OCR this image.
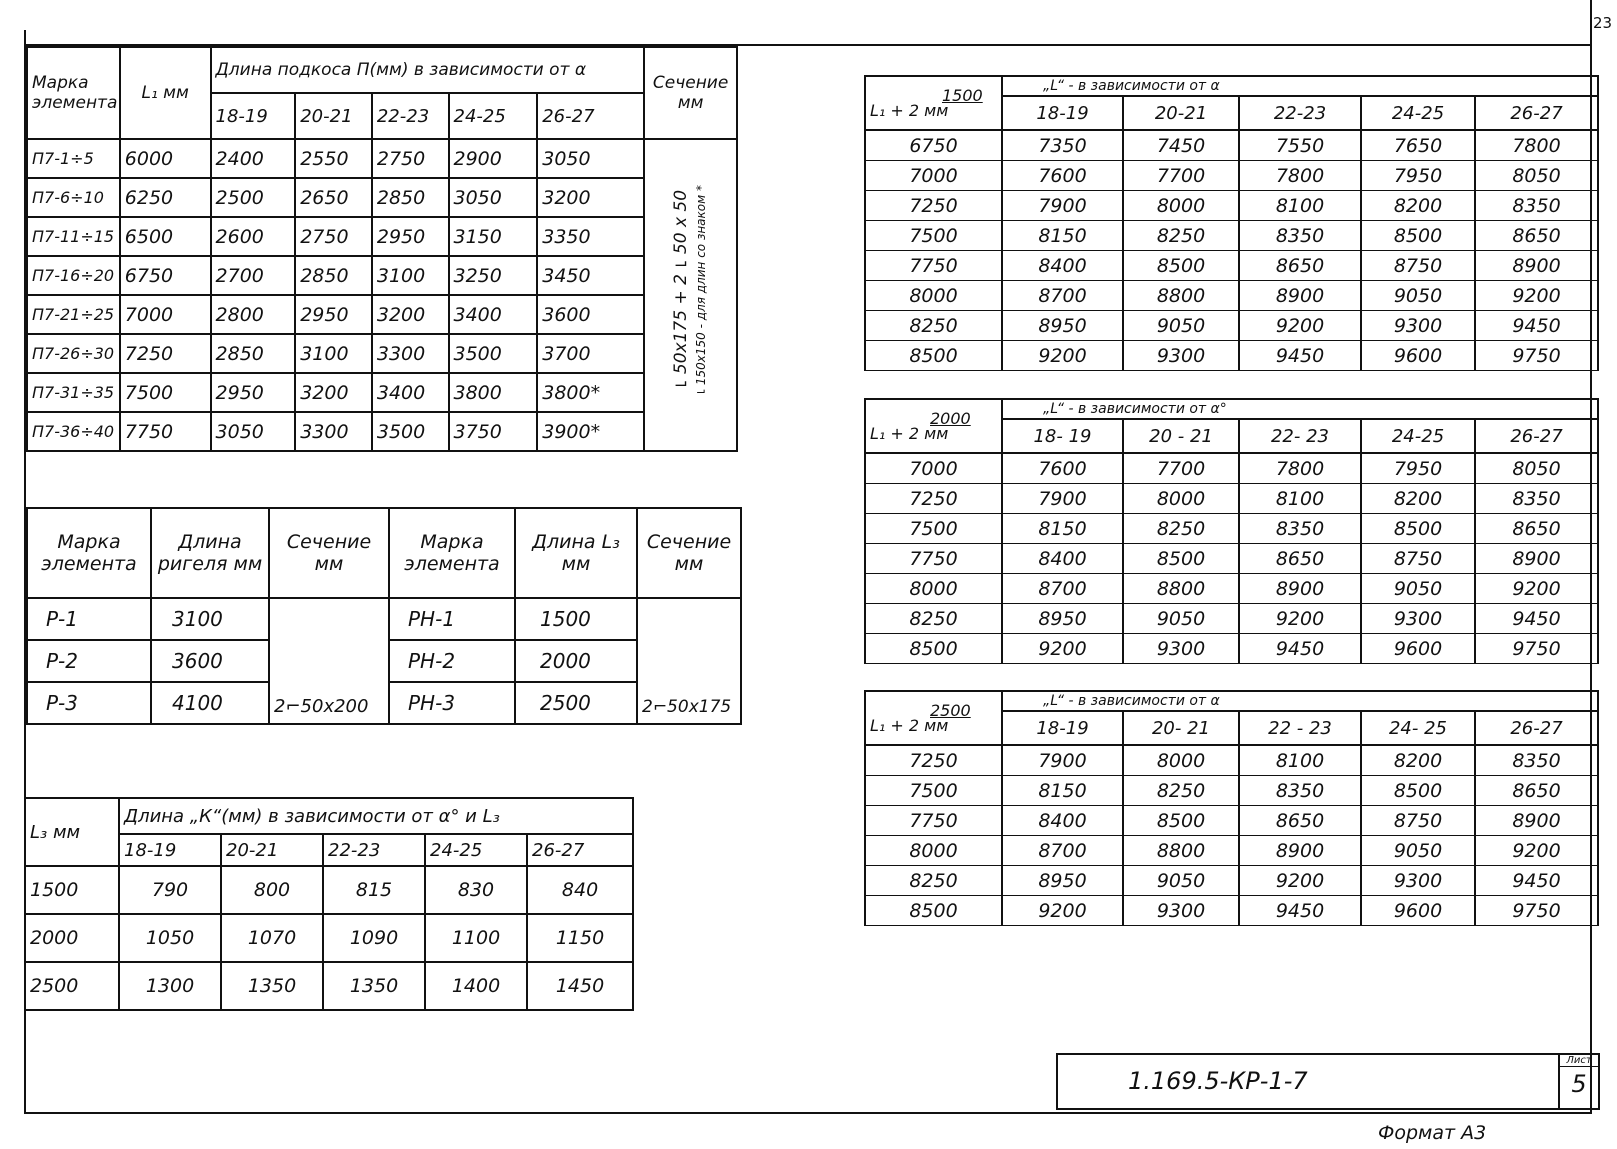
23
Марка элемента	L₁ мм	Длина подкоса П(мм) в зависимости от α					Сечение мм
		18-19	20-21	22-23	24-25	26-27	
П7-1÷5	6000	2400	2550	2750	2900	3050	⌐50x175 + 2⌐50 x 50 ⌐150x150 - для длин со знаком *

П7-6÷10	6250	2500	2650	2850	3050	3200	
П7-11÷15	6500	2600	2750	2950	3150	3350	
П7-16÷20	6750	2700	2850	3100	3250	3450	
П7-21÷25	7000	2800	2950	3200	3400	3600	
П7-26÷30	7250	2850	3100	3300	3500	3700	
П7-31÷35	7500	2950	3200	3400	3800	3800*	
П7-36÷40	7750	3050	3300	3500	3750	3900*	
Марка элемента	Длина ригеля мм	Сечение мм	Марка элемента	Длина L₃ мм	Сечение мм
Р-1	3100	2⌐50x200	РН-1	1500	2⌐50x175
Р-2	3600		РН-2	2000	
Р-3	4100		РН-3	2500	
L₃ мм	Длина „К“(мм) в зависимости от α° и L₃				
	18-19	20-21	22-23	24-25	26-27
1500	790	800	815	830	840
2000	1050	1070	1090	1100	1150
2500	1300	1350	1350	1400	1450
1500
L₁ + 2 мм	„L“ - в зависимости от α				
	18-19	20-21	22-23	24-25	26-27
6750	7350	7450	7550	7650	7800
7000	7600	7700	7800	7950	8050
7250	7900	8000	8100	8200	8350
7500	8150	8250	8350	8500	8650
7750	8400	8500	8650	8750	8900
8000	8700	8800	8900	9050	9200
8250	8950	9050	9200	9300	9450
8500	9200	9300	9450	9600	9750
2000
L₁ + 2 мм	„L“ - в зависимости от α°				
	18- 19	20 - 21	22- 23	24-25	26-27
7000	7600	7700	7800	7950	8050
7250	7900	8000	8100	8200	8350
7500	8150	8250	8350	8500	8650
7750	8400	8500	8650	8750	8900
8000	8700	8800	8900	9050	9200
8250	8950	9050	9200	9300	9450
8500	9200	9300	9450	9600	9750
2500
L₁ + 2 мм	„L“ - в зависимости от α				
	18-19	20- 21	22 - 23	24- 25	26-27
7250	7900	8000	8100	8200	8350
7500	8150	8250	8350	8500	8650
7750	8400	8500	8650	8750	8900
8000	8700	8800	8900	9050	9200
8250	8950	9050	9200	9300	9450
8500	9200	9300	9450	9600	9750
1.169.5-КР-1-7
Лист
5
Формат А3
